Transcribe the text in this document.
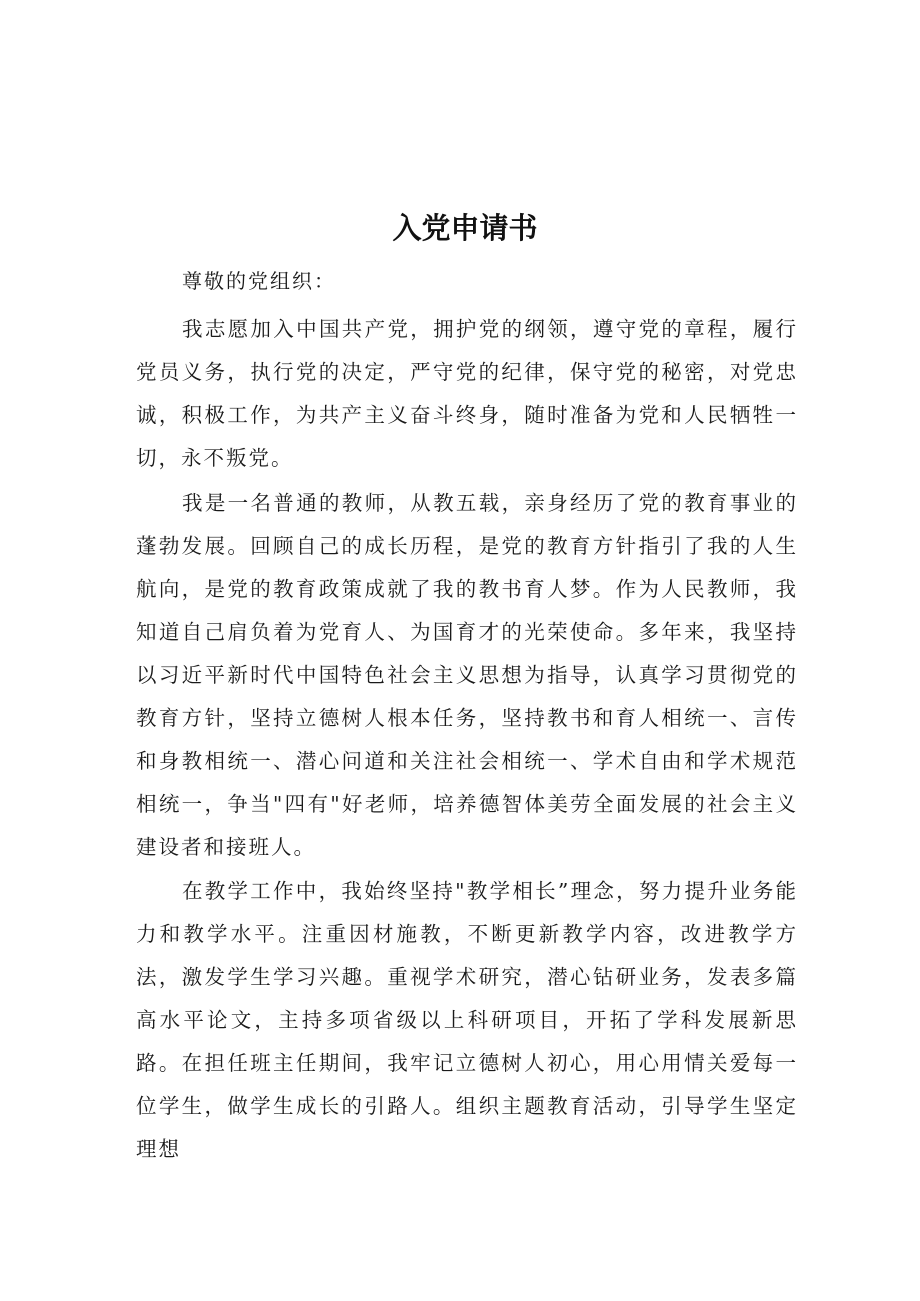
入党申请书
尊敬的党组织：

我志愿加入中国共产党，拥护党的纲领，遵守党的章程，履行党员义务，执行党的决定，严守党的纪律，保守党的秘密，对党忠诚，积极工作，为共产主义奋斗终身，随时准备为党和人民牺牲一切，永不叛党。

我是一名普通的教师，从教五载，亲身经历了党的教育事业的蓬勃发展。回顾自己的成长历程，是党的教育方针指引了我的人生航向，是党的教育政策成就了我的教书育人梦。作为人民教师，我知道自己肩负着为党育人、为国育才的光荣使命。多年来，我坚持以习近平新时代中国特色社会主义思想为指导，认真学习贯彻党的教育方针，坚持立德树人根本任务，坚持教书和育人相统一、言传和身教相统一、潜心问道和关注社会相统一、学术自由和学术规范相统一，争当"四有"好老师，培养德智体美劳全面发展的社会主义建设者和接班人。

在教学工作中，我始终坚持"教学相长”理念，努力提升业务能力和教学水平。注重因材施教，不断更新教学内容，改进教学方法，激发学生学习兴趣。重视学术研究，潜心钻研业务，发表多篇高水平论文，主持多项省级以上科研项目，开拓了学科发展新思路。在担任班主任期间，我牢记立德树人初心，用心用情关爱每一位学生，做学生成长的引路人。组织主题教育活动，引导学生坚定理想
